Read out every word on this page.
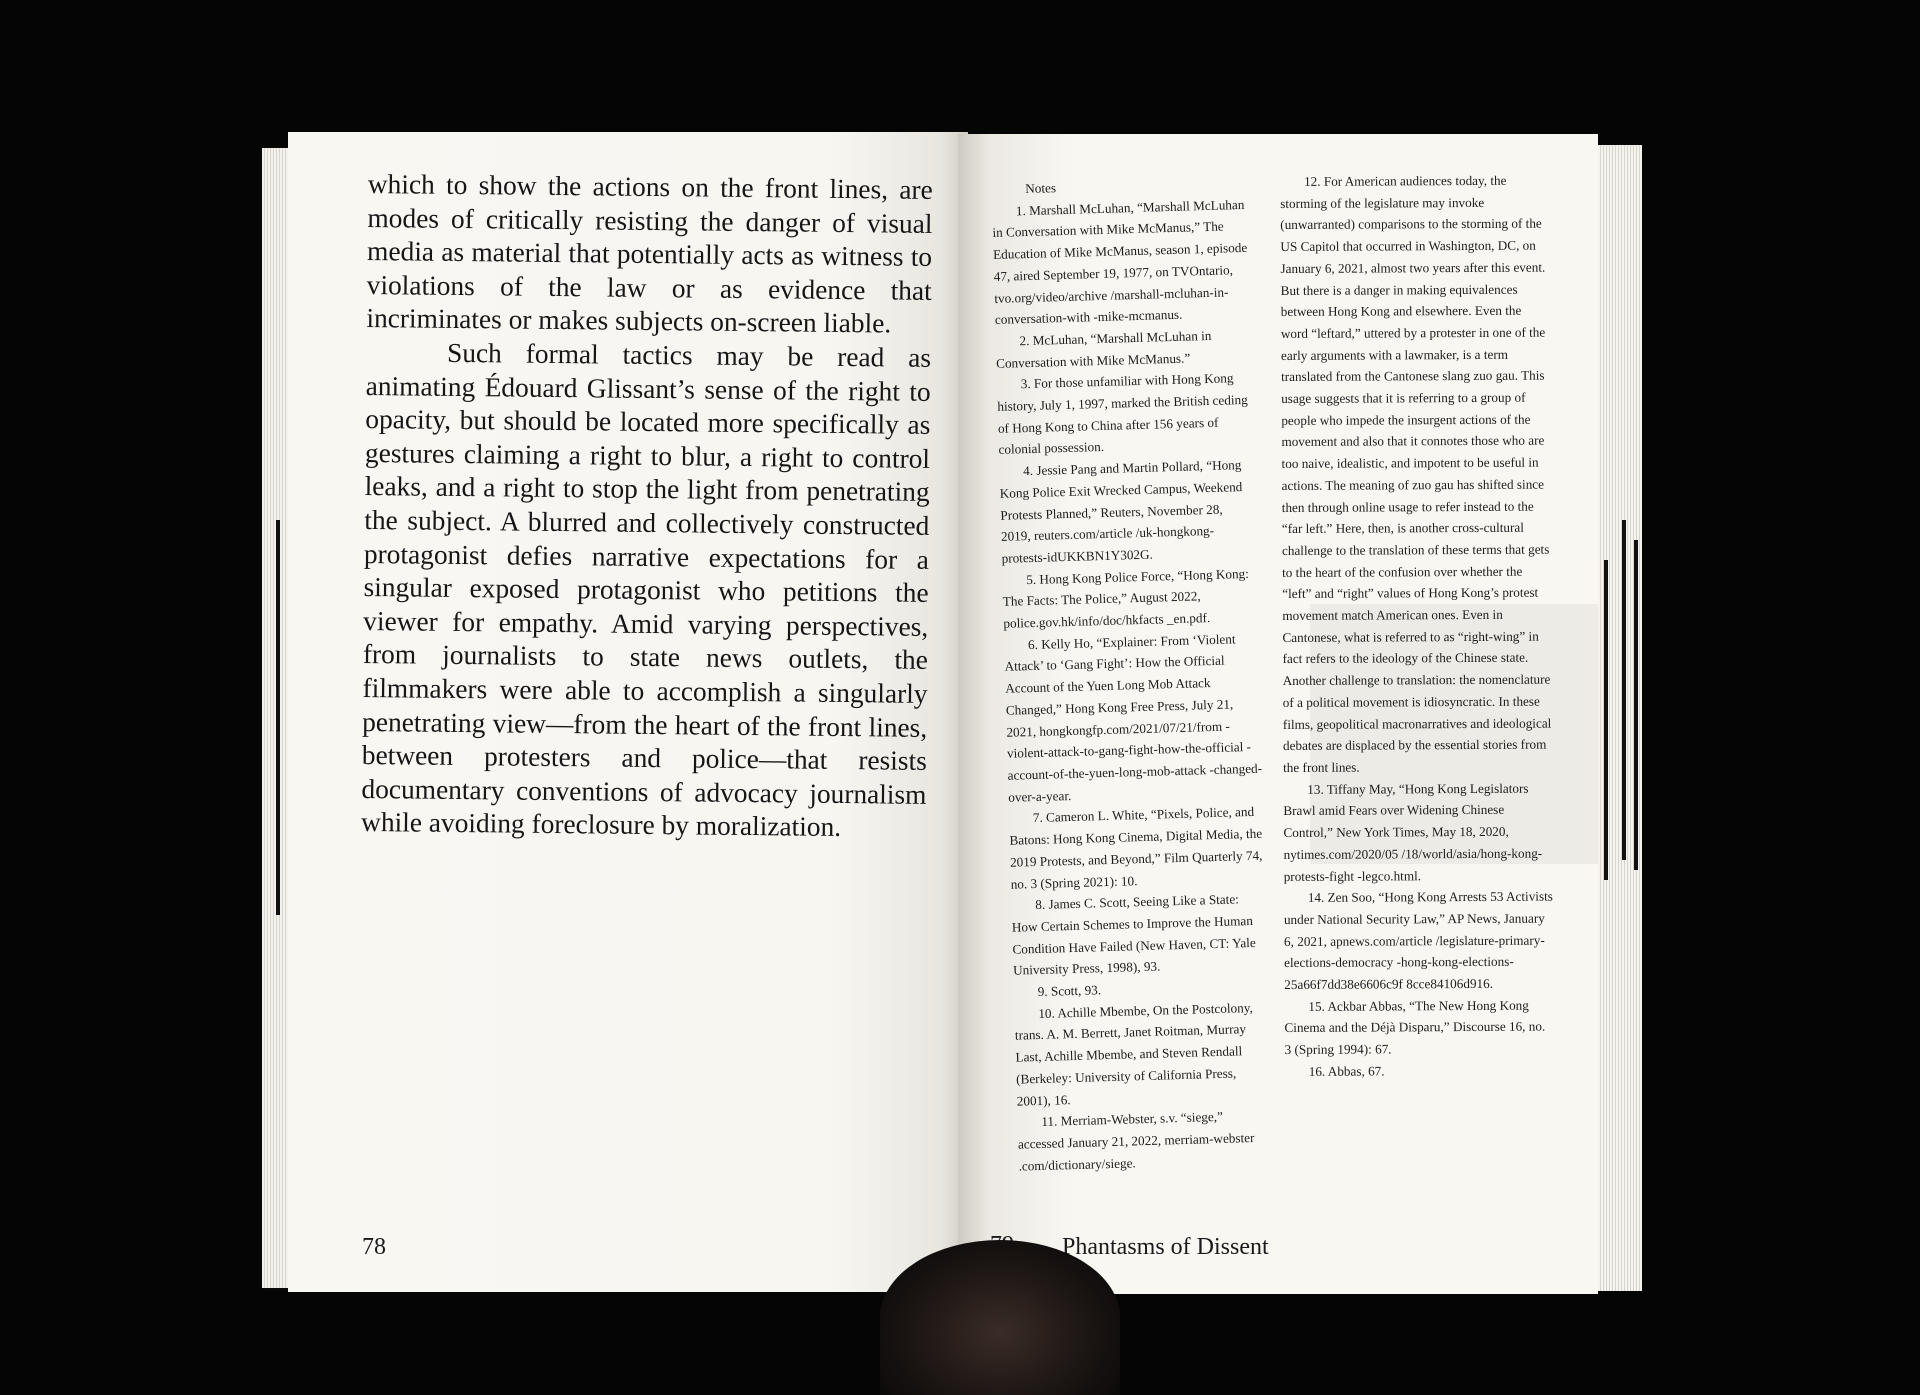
which to show the actions on the front lines, are modes of critically resisting the danger of visual media as material that potentially acts as witness to violations of the law or as evidence that incriminates or makes subjects on-screen liable.

Such formal tactics may be read as animating Édouard Glissant’s sense of the right to opacity, but should be located more specifically as gestures claiming a right to blur, a right to control leaks, and a right to stop the light from penetrating the subject. A blurred and collectively constructed protagonist defies narrative expectations for a singular exposed protagonist who petitions the viewer for empathy. Amid varying perspectives, from journalists to state news outlets, the filmmakers were able to accomplish a singularly penetrating view—from the heart of the front lines, between protesters and police—that resists documentary conventions of advocacy journalism while avoiding foreclosure by moralization.

78

Notes

1. Marshall McLuhan, “Marshall McLuhan in Conversation with Mike McManus,” The Education of Mike McManus, season 1, episode 47, aired September 19, 1977, on TVOntario, tvo.org/video/archive /marshall-mcluhan-in-conversation-with -mike-mcmanus.

2. McLuhan, “Marshall McLuhan in Conversation with Mike McManus.”

3. For those unfamiliar with Hong Kong history, July 1, 1997, marked the British ceding of Hong Kong to China after 156 years of colonial possession.

4. Jessie Pang and Martin Pollard, “Hong Kong Police Exit Wrecked Campus, Weekend Protests Planned,” Reuters, November 28, 2019, reuters.com/article /uk-hongkong-protests-idUKKBN1Y302G.

5. Hong Kong Police Force, “Hong Kong: The Facts: The Police,” August 2022, police.gov.hk/info/doc/hkfacts _en.pdf.

6. Kelly Ho, “Explainer: From ‘Violent Attack’ to ‘Gang Fight’: How the Official Account of the Yuen Long Mob Attack Changed,” Hong Kong Free Press, July 21, 2021, hongkongfp.com/2021/07/21/from -violent-attack-to-gang-fight-how-the-official -account-of-the-yuen-long-mob-attack -changed-over-a-year.

7. Cameron L. White, “Pixels, Police, and Batons: Hong Kong Cinema, Digital Media, the 2019 Protests, and Beyond,” Film Quarterly 74, no. 3 (Spring 2021): 10.

8. James C. Scott, Seeing Like a State: How Certain Schemes to Improve the Human Condition Have Failed (New Haven, CT: Yale University Press, 1998), 93.

9. Scott, 93.

10. Achille Mbembe, On the Postcolony, trans. A. M. Berrett, Janet Roitman, Murray Last, Achille Mbembe, and Steven Rendall (Berkeley: University of California Press, 2001), 16.

11. Merriam-Webster, s.v. “siege,” accessed January 21, 2022, merriam-webster .com/dictionary/siege.

12. For American audiences today, the storming of the legislature may invoke (unwarranted) comparisons to the storming of the US Capitol that occurred in Washington, DC, on January 6, 2021, almost two years after this event. But there is a danger in making equivalences between Hong Kong and elsewhere. Even the word “leftard,” uttered by a protester in one of the early arguments with a lawmaker, is a term translated from the Cantonese slang zuo gau. This usage suggests that it is referring to a group of people who impede the insurgent actions of the movement and also that it connotes those who are too naive, idealistic, and impotent to be useful in actions. The meaning of zuo gau has shifted since then through online usage to refer instead to the “far left.” Here, then, is another cross-cultural challenge to the translation of these terms that gets to the heart of the confusion over whether the “left” and “right” values of Hong Kong’s protest movement match American ones. Even in Cantonese, what is referred to as “right-wing” in fact refers to the ideology of the Chinese state. Another challenge to translation: the nomenclature of a political movement is idiosyncratic. In these films, geopolitical macronarratives and ideological debates are displaced by the essential stories from the front lines.

13. Tiffany May, “Hong Kong Legislators Brawl amid Fears over Widening Chinese Control,” New York Times, May 18, 2020, nytimes.com/2020/05 /18/world/asia/hong-kong-protests-fight -legco.html.

14. Zen Soo, “Hong Kong Arrests 53 Activists under National Security Law,” AP News, January 6, 2021, apnews.com/article /legislature-primary-elections-democracy -hong-kong-elections-25a66f7dd38e6606c9f 8cce84106d916.

15. Ackbar Abbas, “The New Hong Kong Cinema and the Déjà Disparu,” Discourse 16, no. 3 (Spring 1994): 67.

16. Abbas, 67.

Phantasms of Dissent
